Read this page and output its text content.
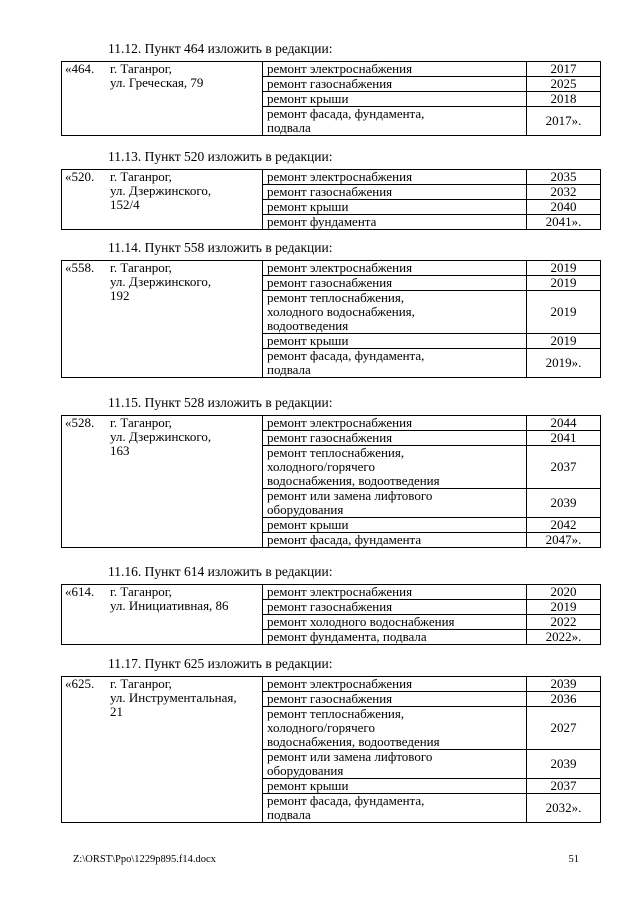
11.12. Пункт 464 изложить в редакции:
«464.	г. Таганрог,
ул. Греческая, 79	ремонт электроснабжения	2017

		ремонт газоснабжения	2025

		ремонт крыши	2018

		ремонт фасада, фундамента,
подвала	2017».
11.13. Пункт 520 изложить в редакции:
«520.	г. Таганрог,
ул. Дзержинского,
152/4	ремонт электроснабжения	2035

		ремонт газоснабжения	2032

		ремонт крыши	2040

		ремонт фундамента	2041».
11.14. Пункт 558 изложить в редакции:
«558.	г. Таганрог,
ул. Дзержинского,
192	ремонт электроснабжения	2019

		ремонт газоснабжения	2019

		ремонт теплоснабжения,
холодного водоснабжения,
водоотведения	2019

		ремонт крыши	2019

		ремонт фасада, фундамента,
подвала	2019».
11.15. Пункт 528 изложить в редакции:
«528.	г. Таганрог,
ул. Дзержинского,
163	ремонт электроснабжения	2044

		ремонт газоснабжения	2041

		ремонт теплоснабжения,
холодного/горячего
водоснабжения, водоотведения	2037

		ремонт или замена лифтового
оборудования	2039

		ремонт крыши	2042

		ремонт фасада, фундамента	2047».
11.16. Пункт 614 изложить в редакции:
«614.	г. Таганрог,
ул. Инициативная, 86	ремонт электроснабжения	2020

		ремонт газоснабжения	2019

		ремонт холодного водоснабжения	2022

		ремонт фундамента, подвала	2022».
11.17. Пункт 625 изложить в редакции:
«625.	г. Таганрог,
ул. Инструментальная,
21	ремонт электроснабжения	2039

		ремонт газоснабжения	2036

		ремонт теплоснабжения,
холодного/горячего
водоснабжения, водоотведения	2027

		ремонт или замена лифтового
оборудования	2039

		ремонт крыши	2037

		ремонт фасада, фундамента,
подвала	2032».
Z:\ORST\Ppo\1229p895.f14.docx	51
